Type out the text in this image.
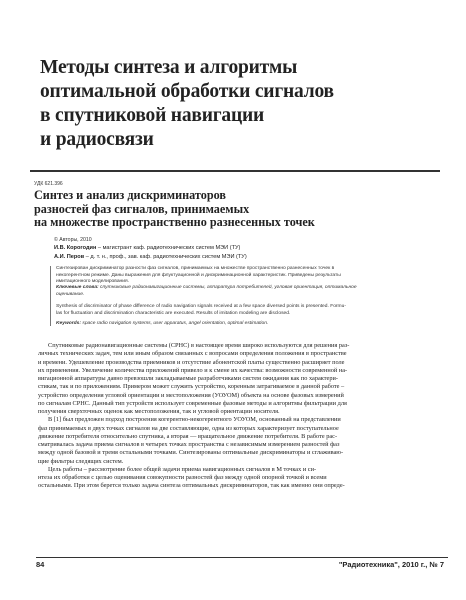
Методы синтеза и алгоритмы
оптимальной обработки сигналов
в спутниковой навигации
и радиосвязи
УДК 621.396
Синтез и анализ дискриминаторов
разностей фаз сигналов, принимаемых
на множестве пространственно разнесенных точек
© Авторы, 2010
И.В. Корогодин – магистрант каф. радиотехнических систем МЭИ (ТУ)
А.И. Перов – д. т. н., проф., зав. каф. радиотехнических систем МЭИ (ТУ)
Синтезирован дискриминатор разности фаз сигналов, принимаемых на множестве пространственно разнесенных точек в
некогерентном режиме. Даны выражения для флуктуационной и дискриминационной характеристик. Приведены результаты
имитационного моделирования.
Ключевые слова: спутниковые радионавигационные системы, аппаратура потребителей, угловая ориентация, оптимальное
оценивание.
Synthesis of discriminator of phase difference of radio navigation signals received at a few space diversed points is presented. Formu-
las for fluctuation and discrimination characteristic are executed. Results of imitation modeling are disclosed.
Keywords: space radio navigation systems, user apparatus, angel orientation, optimal estimation.
Спутниковые радионавигационные системы (СРНС) в настоящее время широко используются для решения раз-
личных технических задач, тем или иным образом связанных с вопросами определения положения в пространстве
и времени. Удешевление производства приемников и отсутствие абонентской платы существенно расширяет поле
их применения. Увеличение количества приложений привело и к смене их качества: возможности современной на-
вигационной аппаратуры давно превзошли закладываемые разработчиками систем ожидания как по характери-
стикам, так и по приложениям. Примером может служить устройство, коренным затрагиваемое в данной работе –
устройство определения угловой ориентации и местоположения (УОУОМ) объекта на основе фазовых измерений
по сигналам СРНС. Данный тип устройств использует современные фазовые методы и алгоритмы фильтрации для
получения сверхточных оценок как местоположения, так и угловой ориентации носителя.
В [1] был предложен подход построения когерентно-некогерентного УОУОМ, основанный на представлении
фаз принимаемых в двух точках сигналов на две составляющие, одна из которых характеризует поступательное
движение потребителя относительно спутника, а вторая — вращательное движение потребителя. В работе рас-
сматривалась задача приема сигналов в четырех точках пространства с независимым измерением разностей фаз
между одной базовой и тремя остальными точками. Синтезированы оптимальные дискриминаторы и сглаживаю-
щие фильтры следящих систем.
Цель работы – рассмотрение более общей задачи приема навигационных сигналов в M точках и си-
нтеза их обработки с целью оценивания совокупности разностей фаз между одной опорной точкой и всеми
остальными. При этом берется только задача синтеза оптимальных дискриминаторов, так как именно они опреде-
84	"Радиотехника", 2010 г., № 7
